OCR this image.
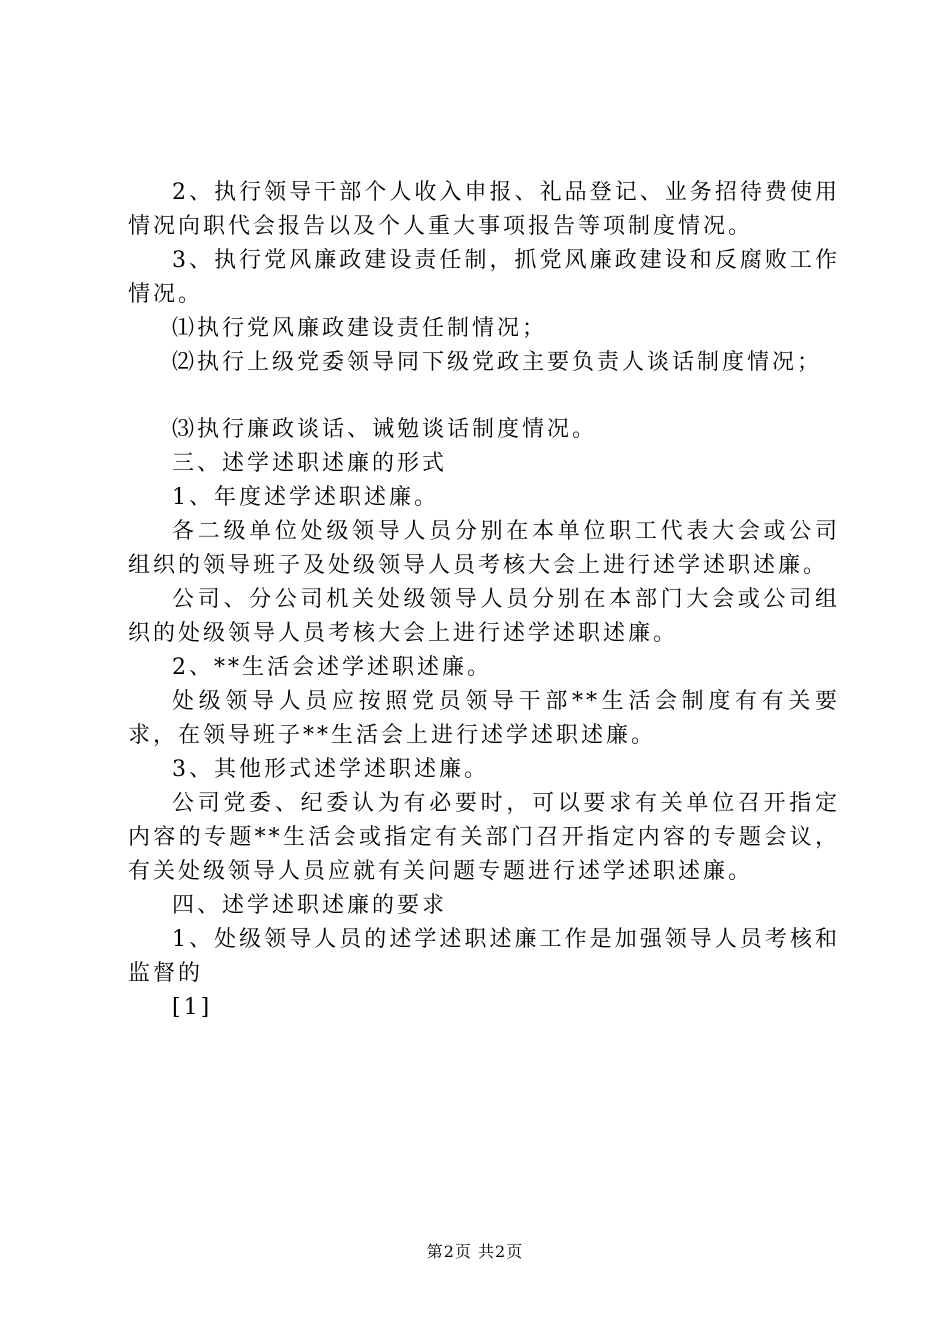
2、执行领导干部个人收入申报、礼品登记、业务招待费使用情况向职代会报告以及个人重大事项报告等项制度情况。

3、执行党风廉政建设责任制，抓党风廉政建设和反腐败工作情况。

⑴执行党风廉政建设责任制情况；

⑵执行上级党委领导同下级党政主要负责人谈话制度情况；

⑶执行廉政谈话、诫勉谈话制度情况。

三、述学述职述廉的形式

1、年度述学述职述廉。

各二级单位处级领导人员分别在本单位职工代表大会或公司组织的领导班子及处级领导人员考核大会上进行述学述职述廉。

公司、分公司机关处级领导人员分别在本部门大会或公司组织的处级领导人员考核大会上进行述学述职述廉。

2、**生活会述学述职述廉。

处级领导人员应按照党员领导干部**生活会制度有有关要求，在领导班子**生活会上进行述学述职述廉。

3、其他形式述学述职述廉。

公司党委、纪委认为有必要时，可以要求有关单位召开指定内容的专题**生活会或指定有关部门召开指定内容的专题会议，有关处级领导人员应就有关问题专题进行述学述职述廉。

四、述学述职述廉的要求

1、处级领导人员的述学述职述廉工作是加强领导人员考核和监督的

[1]

第2页 共2页
